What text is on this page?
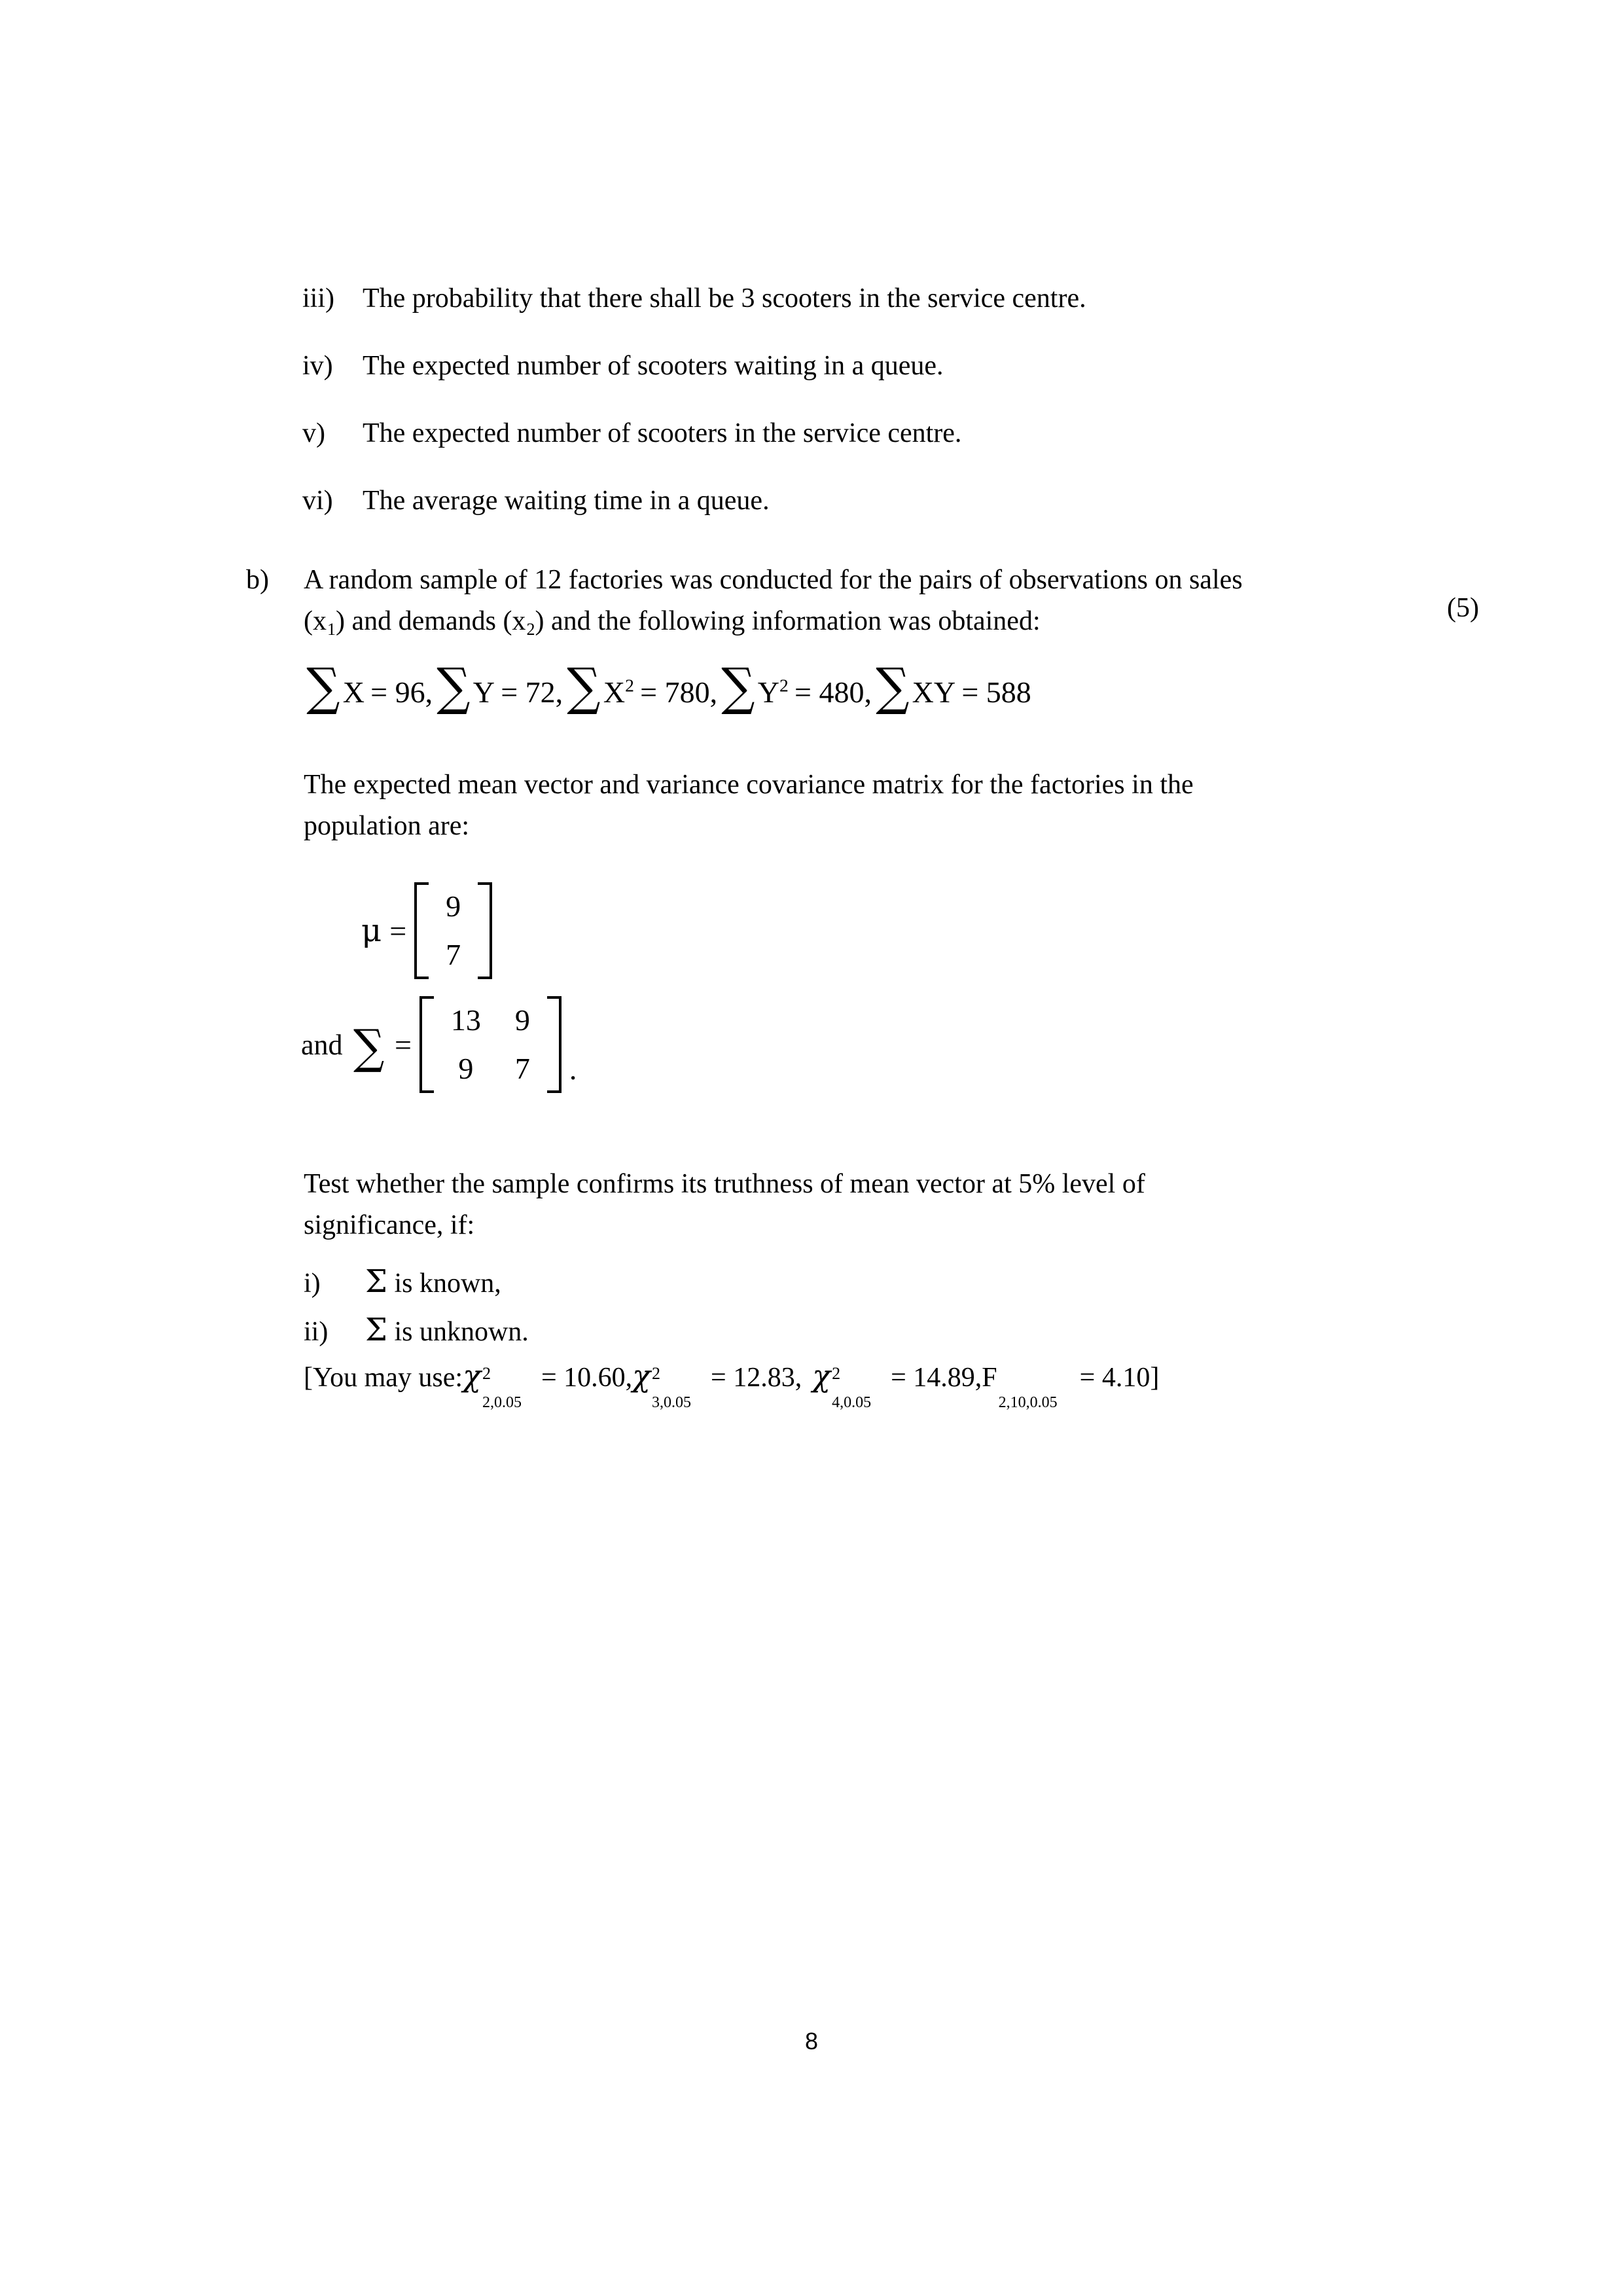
iii)	The probability that there shall be 3 scooters in the service centre.
iv)	The expected number of scooters waiting in a queue.
v)	The expected number of scooters in the service centre.
vi)	The average waiting time in a queue.
b)	A random sample of 12 factories was conducted for the pairs of observations on sales
$(x_1)$ and demands $(x_2)$ and the following information was obtained:	(5)
∑X  = 96, ∑Y  = 72, $\sum X^2 = 780$, $\sum Y^2 = 480$, ∑XY  = 588
The expected mean vector and variance covariance matrix for the factories in the
population are:
μ =
9
7
and ∑ =
13	9
9	7 .
Test whether the sample confirms its truthness of mean vector at 5% level of
significance, if:
i)	Σ is known,
ii)	Σ is unknown.
[You may use: χ 2
2,0.05
= 10.60, χ 2
3,0.05
= 12.83, χ 2
4,0.05
= 14.89, F
2,10,0.05
= 4.10]
8
